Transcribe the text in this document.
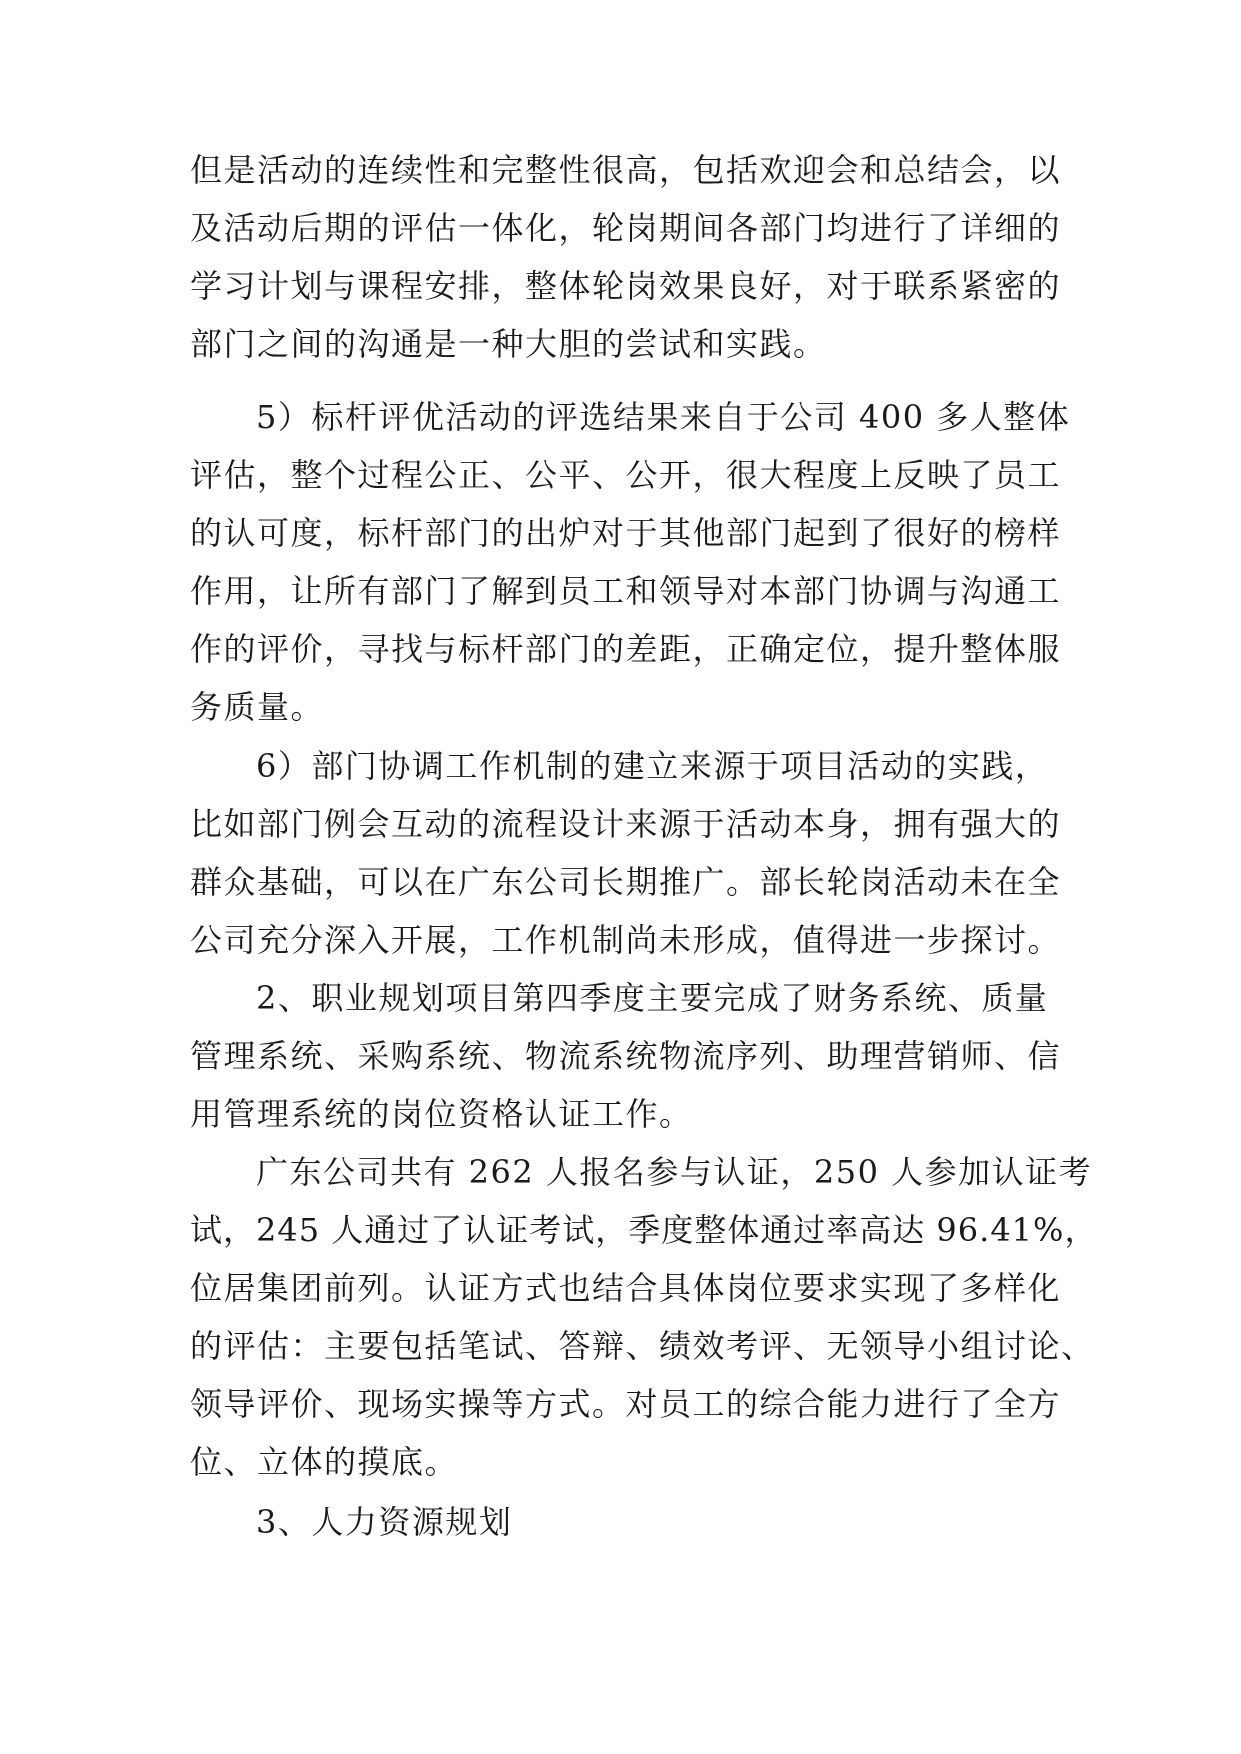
但是活动的连续性和完整性很高，包括欢迎会和总结会，以
及活动后期的评估一体化，轮岗期间各部门均进行了详细的
学习计划与课程安排，整体轮岗效果良好，对于联系紧密的
部门之间的沟通是一种大胆的尝试和实践。
5）标杆评优活动的评选结果来自于公司 400 多人整体
评估，整个过程公正、公平、公开，很大程度上反映了员工
的认可度，标杆部门的出炉对于其他部门起到了很好的榜样
作用，让所有部门了解到员工和领导对本部门协调与沟通工
作的评价，寻找与标杆部门的差距，正确定位，提升整体服
务质量。
6）部门协调工作机制的建立来源于项目活动的实践，
比如部门例会互动的流程设计来源于活动本身，拥有强大的
群众基础，可以在广东公司长期推广。部长轮岗活动未在全
公司充分深入开展，工作机制尚未形成，值得进一步探讨。
2、职业规划项目第四季度主要完成了财务系统、质量
管理系统、采购系统、物流系统物流序列、助理营销师、信
用管理系统的岗位资格认证工作。
广东公司共有 262 人报名参与认证，250 人参加认证考
试，245 人通过了认证考试，季度整体通过率高达 96.41%，
位居集团前列。认证方式也结合具体岗位要求实现了多样化
的评估：主要包括笔试、答辩、绩效考评、无领导小组讨论、
领导评价、现场实操等方式。对员工的综合能力进行了全方
位、立体的摸底。
3、人力资源规划
